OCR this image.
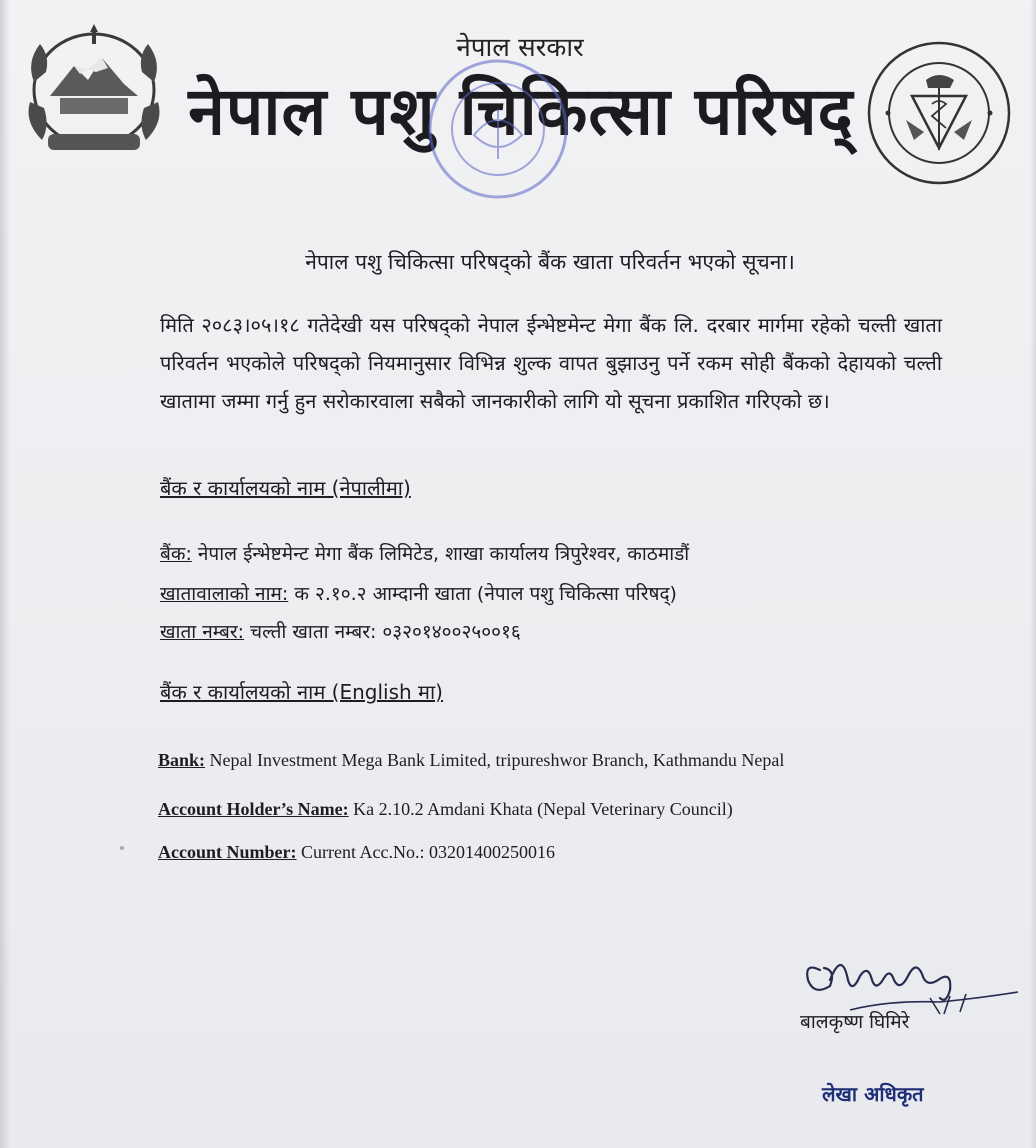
नेपाल सरकार
नेपाल पशु चिकित्सा परिषद्
नेपाल पशु चिकित्सा परिषद्को बैंक खाता परिवर्तन भएको सूचना।
मिति २०८३।०५।१८ गतेदेखी यस परिषद्को नेपाल ईन्भेष्टमेन्ट मेगा बैंक लि. दरबार मार्गमा रहेको चल्ती खाता परिवर्तन भएकोले परिषद्को नियमानुसार विभिन्न शुल्क वापत बुझाउनु पर्ने रकम सोही बैंकको देहायको चल्ती खातामा जम्मा गर्नु हुन सरोकारवाला सबैको जानकारीको लागि यो सूचना प्रकाशित गरिएको छ।
बैंक र कार्यालयको नाम (नेपालीमा)
बैंक: नेपाल ईन्भेष्टमेन्ट मेगा बैंक लिमिटेड, शाखा कार्यालय त्रिपुरेश्वर, काठमाडौं
खातावालाको नाम: क २.१०.२ आम्दानी खाता (नेपाल पशु चिकित्सा परिषद्)
खाता नम्बर: चल्ती खाता नम्बर: ०३२०१४००२५००१६
बैंक र कार्यालयको नाम (English मा)
Bank: Nepal Investment Mega Bank Limited, tripureshwor Branch, Kathmandu Nepal
Account Holder’s Name: Ka 2.10.2 Amdani Khata (Nepal Veterinary Council)
Account Number: Current Acc.No.: 03201400250016
बालकृष्ण घिमिरे
लेखा अधिकृत
